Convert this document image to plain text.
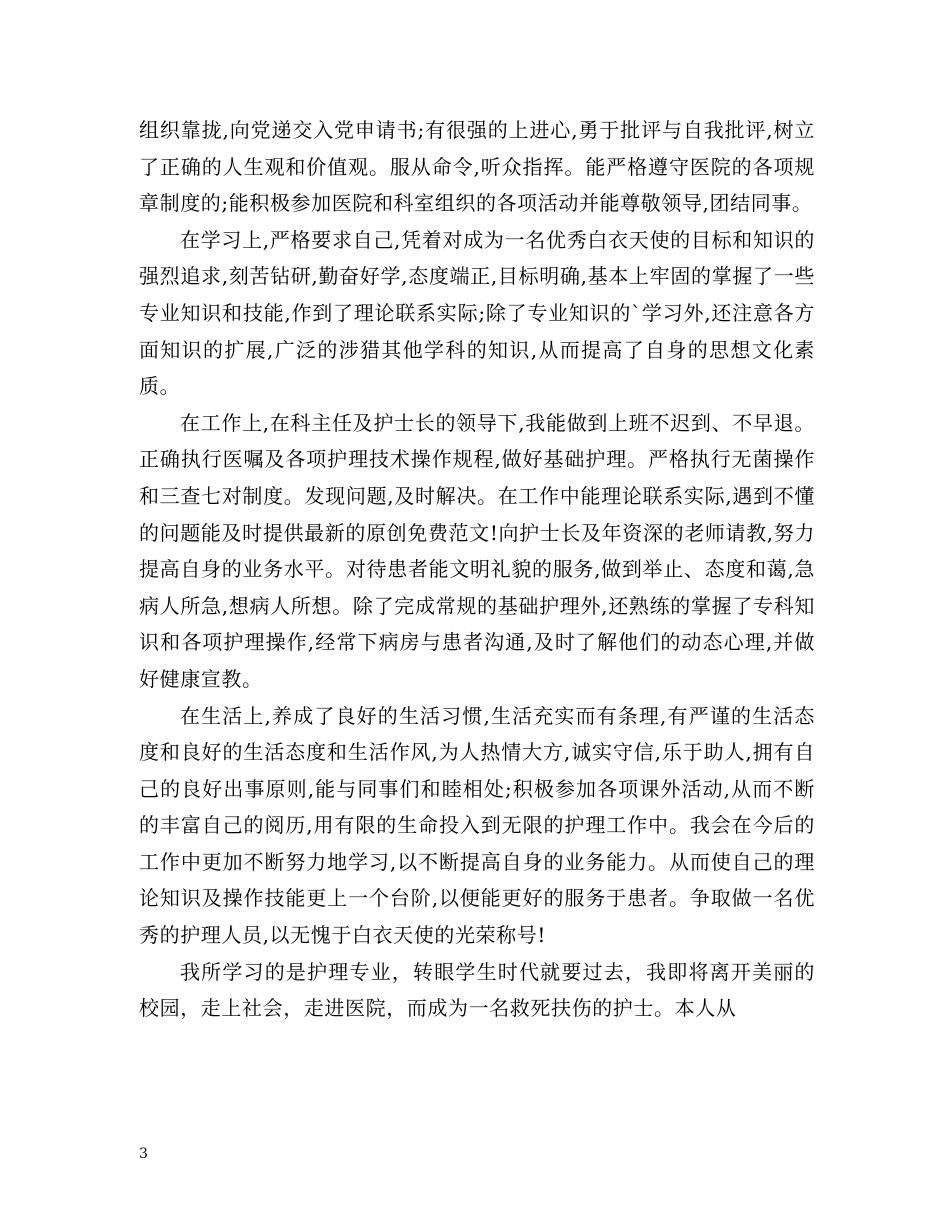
组织靠拢,向党递交入党申请书;有很强的上进心,勇于批评与自我批评,树立了正确的人生观和价值观。服从命令,听众指挥。能严格遵守医院的各项规章制度的;能积极参加医院和科室组织的各项活动并能尊敬领导,团结同事。

在学习上,严格要求自己,凭着对成为一名优秀白衣天使的目标和知识的强烈追求,刻苦钻研,勤奋好学,态度端正,目标明确,基本上牢固的掌握了一些专业知识和技能,作到了理论联系实际;除了专业知识的`学习外,还注意各方面知识的扩展,广泛的涉猎其他学科的知识,从而提高了自身的思想文化素质。

在工作上,在科主任及护士长的领导下,我能做到上班不迟到、不早退。正确执行医嘱及各项护理技术操作规程,做好基础护理。严格执行无菌操作和三查七对制度。发现问题,及时解决。在工作中能理论联系实际,遇到不懂的问题能及时提供最新的原创免费范文!向护士长及年资深的老师请教,努力提高自身的业务水平。对待患者能文明礼貌的服务,做到举止、态度和蔼,急病人所急,想病人所想。除了完成常规的基础护理外,还熟练的掌握了专科知识和各项护理操作,经常下病房与患者沟通,及时了解他们的动态心理,并做好健康宣教。

在生活上,养成了良好的生活习惯,生活充实而有条理,有严谨的生活态度和良好的生活态度和生活作风,为人热情大方,诚实守信,乐于助人,拥有自己的良好出事原则,能与同事们和睦相处;积极参加各项课外活动,从而不断的丰富自己的阅历,用有限的生命投入到无限的护理工作中。我会在今后的工作中更加不断努力地学习,以不断提高自身的业务能力。从而使自己的理论知识及操作技能更上一个台阶,以便能更好的服务于患者。争取做一名优秀的护理人员,以无愧于白衣天使的光荣称号!

我所学习的是护理专业，转眼学生时代就要过去，我即将离开美丽的校园，走上社会，走进医院，而成为一名救死扶伤的护士。本人从

3
